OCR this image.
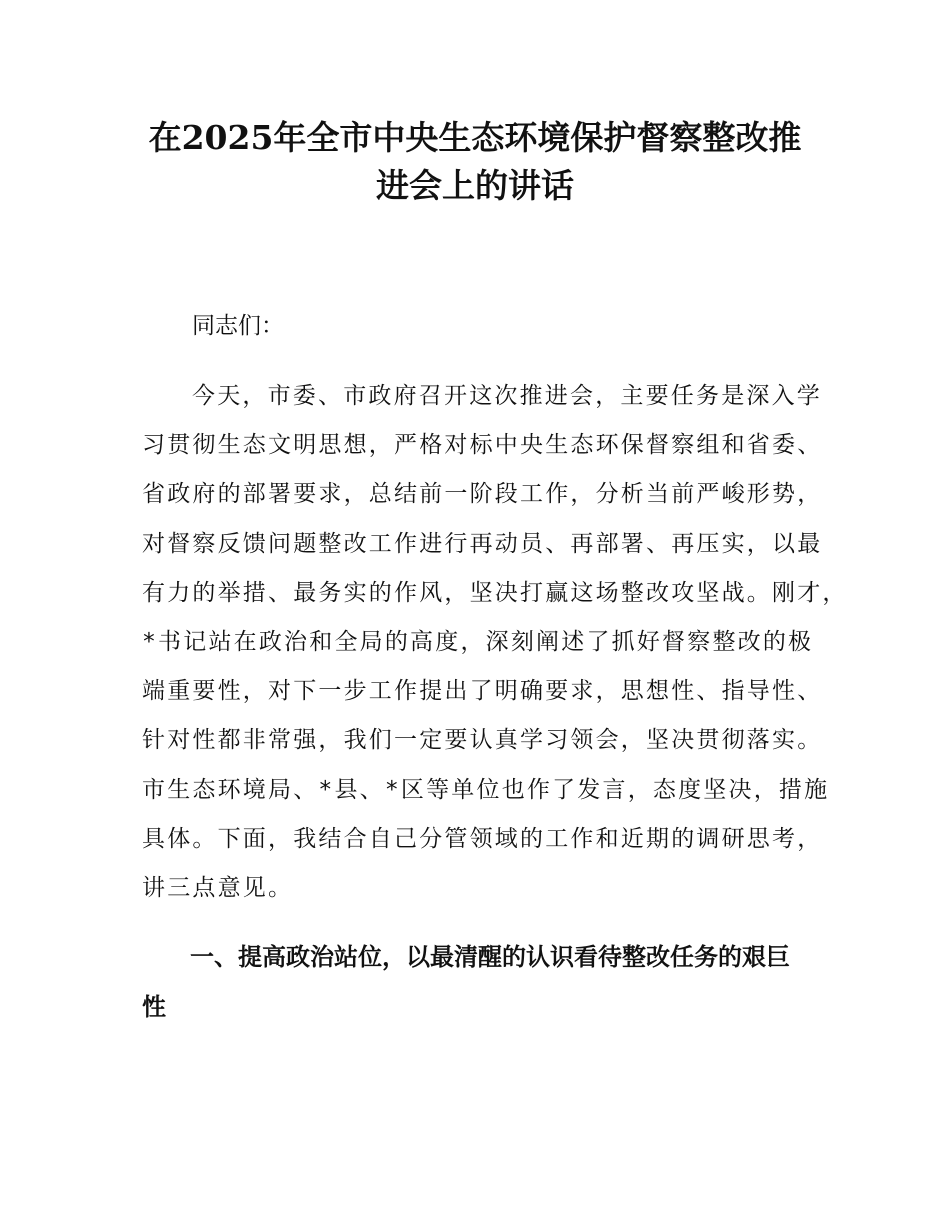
在2025年全市中央生态环境保护督察整改推
进会上的讲话

同志们：

今天，市委、市政府召开这次推进会，主要任务是深入学
习贯彻生态文明思想，严格对标中央生态环保督察组和省委、
省政府的部署要求，总结前一阶段工作，分析当前严峻形势，
对督察反馈问题整改工作进行再动员、再部署、再压实，以最
有力的举措、最务实的作风，坚决打赢这场整改攻坚战。刚才，
*书记站在政治和全局的高度，深刻阐述了抓好督察整改的极
端重要性，对下一步工作提出了明确要求，思想性、指导性、
针对性都非常强，我们一定要认真学习领会，坚决贯彻落实。
市生态环境局、*县、*区等单位也作了发言，态度坚决，措施
具体。下面，我结合自己分管领域的工作和近期的调研思考，
讲三点意见。
一、提高政治站位，以最清醒的认识看待整改任务的艰巨
性
